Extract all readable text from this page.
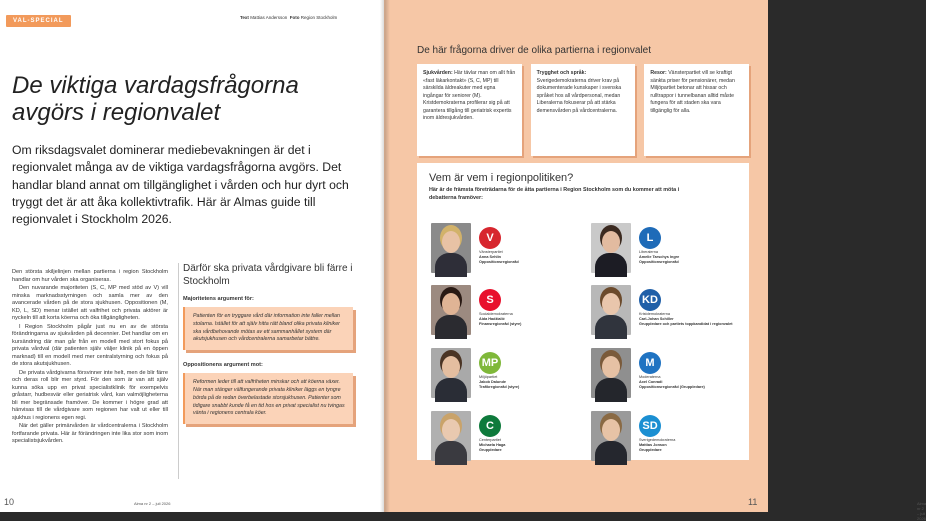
VAL-SPECIAL
Text Mattias Andersson Foto Region Stockholm
De viktiga vardagsfrågorna avgörs i regionvalet

Om riksdagsvalet dominerar mediebevakningen är det i regionvalet många av de viktiga vardagsfrågorna avgörs. Det handlar bland annat om tillgänglighet i vården och hur dyrt och tryggt det är att åka kollektivtrafik. Här är Almas guide till regionvalet i Stockholm 2026.

Den största skiljelinjen mellan partierna i region Stockholm handlar om hur vården ska organiseras.

Den nuvarande majoriteten (S, C, MP med stöd av V) vill minska marknadsstyrningen och samla mer av den avancerade vården på de stora sjukhusen. Oppositionen (M, KD, L, SD) menar istället att valfrihet och privata aktörer är nyckeln till att korta köerna och öka tillgängligheten.

I Region Stockholm pågår just nu en av de största förändringarna av sjukvården på decennier. Det handlar om en kursändring där man går från en modell med stort fokus på privata vårdval (där patienten själv väljer klinik på en öppen marknad) till en modell med mer centralstyrning och fokus på de stora akutsjukhusen.

De privata vårdgivarna försvinner inte helt, men de blir färre och deras roll blir mer styrd. För den som är van att själv kunna söka upp en privat specialistklinik för exempelvis gråstarr, hudbesvär eller geriatrisk vård, kan valmöjligheterna bli mer begränsade framöver. De kommer i högre grad att hänvisas till de vårdgivare som regionen har valt ut eller till sjukhus i regionens egen regi.

När det gäller primärvården är vårdcentralerna i Stockholm fortfarande privata. Här är förändringen inte lika stor som inom specialistsjukvården.

Därför ska privata vårdgivare bli färre i Stockholm
Majoritetens argument för:
Patienten för en tryggare vård där information inte faller mellan stolarna. Istället för att själv hitta rätt bland olika privata kliniker ska vårdbehovande mötas av ett sammanhållet system där akutsjukhusen och vårdcentralerna samarbetar bättre.
Oppositionens argument mot:
Reformen leder till att valfriheten minskar och att köerna växer. När man stänger välfungerande privata kliniker läggs en tyngre börda på de redan överbelastade storsjukhusen. Patienter som tidigare snabbt kunde få en tid hos en privat specialist nu tvingas vänta i regionens centrala köer.
10	Alma nr 2 – juli 2026
De här frågorna driver de olika partierna i regionvalet
Sjukvården: Här tävlar man om allt från «fast läkarkontakt» (S, C, MP) till särskilda äldreakuter med egna ingångar för seniorer (M). Kristdemokraterna profilerar sig på att garantera tillgång till geriatrisk expertis inom äldresjukvården.
Trygghet och språk: Sverigedemokraterna driver krav på dokumenterade kunskaper i svenska språket hos all vårdpersonal, medan Liberalerna fokuserar på att stärka demensvården på vårdcentralerna.
Resor: Vänsterpartiet vill se kraftigt sänkta priser för pensionärer, medan Miljöpartiet betonar att hissar och rulltrappor i tunnelbanan alltid måste fungera för att staden ska vara tillgänglig för alla.
Vem är vem i regionpolitiken?
Här är de främsta företrädarna för de åtta partierna i Region Stockholm som du kommer att möta i debatterna framöver:
V
Vänsterpartiet
Anna Sehlin
Oppositionsregionråd
L
Liberalerna
Amelie Tarschys Ingre
Oppositionsregionråd
S
Socialdemokraterna
Aida Hadžialić
Finansregionråd (styre)
KD
Kristdemokraterna
Carl-Johan Schiller
Gruppledare och partiets toppkandidat i regionvalet
MP
Miljöpartiet
Jakob Dalunde
Trafikregionråd (styre)
M
Moderaterna
Axel Conradi
Oppositionsregionråd (Gruppledare)
C
Centerpartiet
Michaela Haga
Gruppledare
SD
Sverigedemokraterna
Mattias Jonson
Gruppledare
Alma nr 2 – juli 2026
11
